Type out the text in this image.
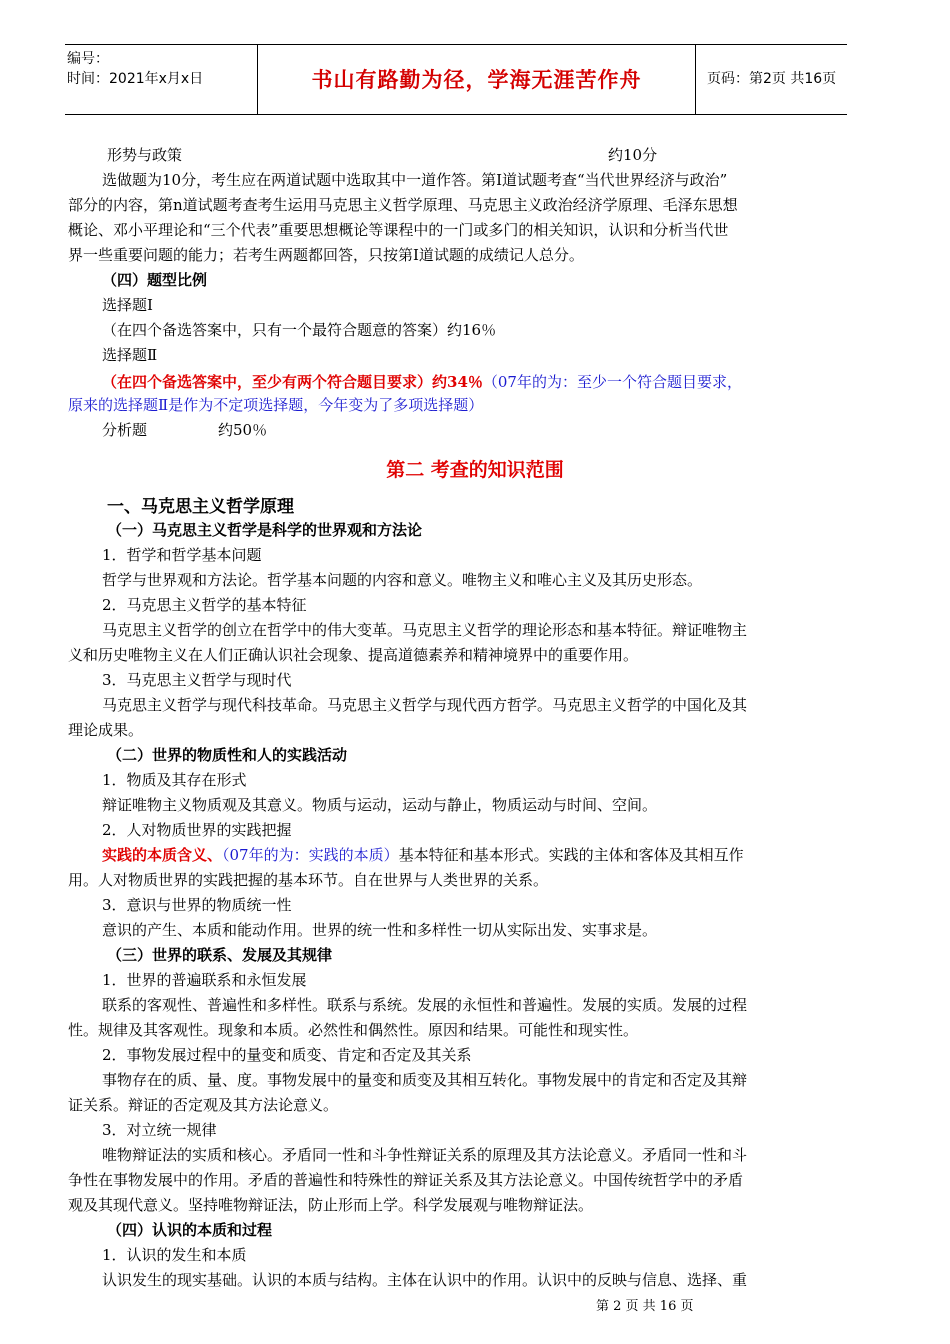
编号：
时间：2021年x月x日	书山有路勤为径，学海无涯苦作舟	页码：第2页 共16页
形势与政策	约10分
选做题为10分，考生应在两道试题中选取其中一道作答。第I道试题考查“当代世界经济与政治”
部分的内容，第n道试题考查考生运用马克思主义哲学原理、马克思主义政治经济学原理、毛泽东思想
概论、邓小平理论和“三个代表”重要思想概论等课程中的一门或多门的相关知识，认识和分析当代世
界一些重要问题的能力；若考生两题都回答，只按第I道试题的成绩记人总分。
（四）题型比例
选择题I
（在四个备选答案中，只有一个最符合题意的答案）约16％
选择题Ⅱ
分析题	约50％
（一）马克思主义哲学是科学的世界观和方法论
1．哲学和哲学基本问题
哲学与世界观和方法论。哲学基本问题的内容和意义。唯物主义和唯心主义及其历史形态。
2．马克思主义哲学的基本特征
马克思主义哲学的创立在哲学中的伟大变革。马克思主义哲学的理论形态和基本特征。辩证唯物主
义和历史唯物主义在人们正确认识社会现象、提高道德素养和精神境界中的重要作用。
3．马克思主义哲学与现时代
马克思主义哲学与现代科技革命。马克思主义哲学与现代西方哲学。马克思主义哲学的中国化及其
理论成果。
（二）世界的物质性和人的实践活动
1．物质及其存在形式
辩证唯物主义物质观及其意义。物质与运动，运动与静止，物质运动与时间、空间。
2．人对物质世界的实践把握
用。人对物质世界的实践把握的基本环节。自在世界与人类世界的关系。
3．意识与世界的物质统一性
意识的产生、本质和能动作用。世界的统一性和多样性一切从实际出发、实事求是。
（三）世界的联系、发展及其规律
1．世界的普遍联系和永恒发展
联系的客观性、普遍性和多样性。联系与系统。发展的永恒性和普遍性。发展的实质。发展的过程
性。规律及其客观性。现象和本质。必然性和偶然性。原因和结果。可能性和现实性。
2．事物发展过程中的量变和质变、肯定和否定及其关系
事物存在的质、量、度。事物发展中的量变和质变及其相互转化。事物发展中的肯定和否定及其辩
证关系。辩证的否定观及其方法论意义。
3．对立统一规律
唯物辩证法的实质和核心。矛盾同一性和斗争性辩证关系的原理及其方法论意义。矛盾同一性和斗
争性在事物发展中的作用。矛盾的普遍性和特殊性的辩证关系及其方法论意义。中国传统哲学中的矛盾
观及其现代意义。坚持唯物辩证法，防止形而上学。科学发展观与唯物辩证法。
（四）认识的本质和过程
1．认识的发生和本质
认识发生的现实基础。认识的本质与结构。主体在认识中的作用。认识中的反映与信息、选择、重
（在四个备选答案中，至少有两个符合题目要求）约34％（07年的为：至少一个符合题目要求，
原来的选择题Ⅱ是作为不定项选择题，今年变为了多项选择题）
第二 考查的知识范围
一、马克思主义哲学原理
实践的本质含义、（07年的为：实践的本质）基本特征和基本形式。实践的主体和客体及其相互作
第 2 页 共 16 页
